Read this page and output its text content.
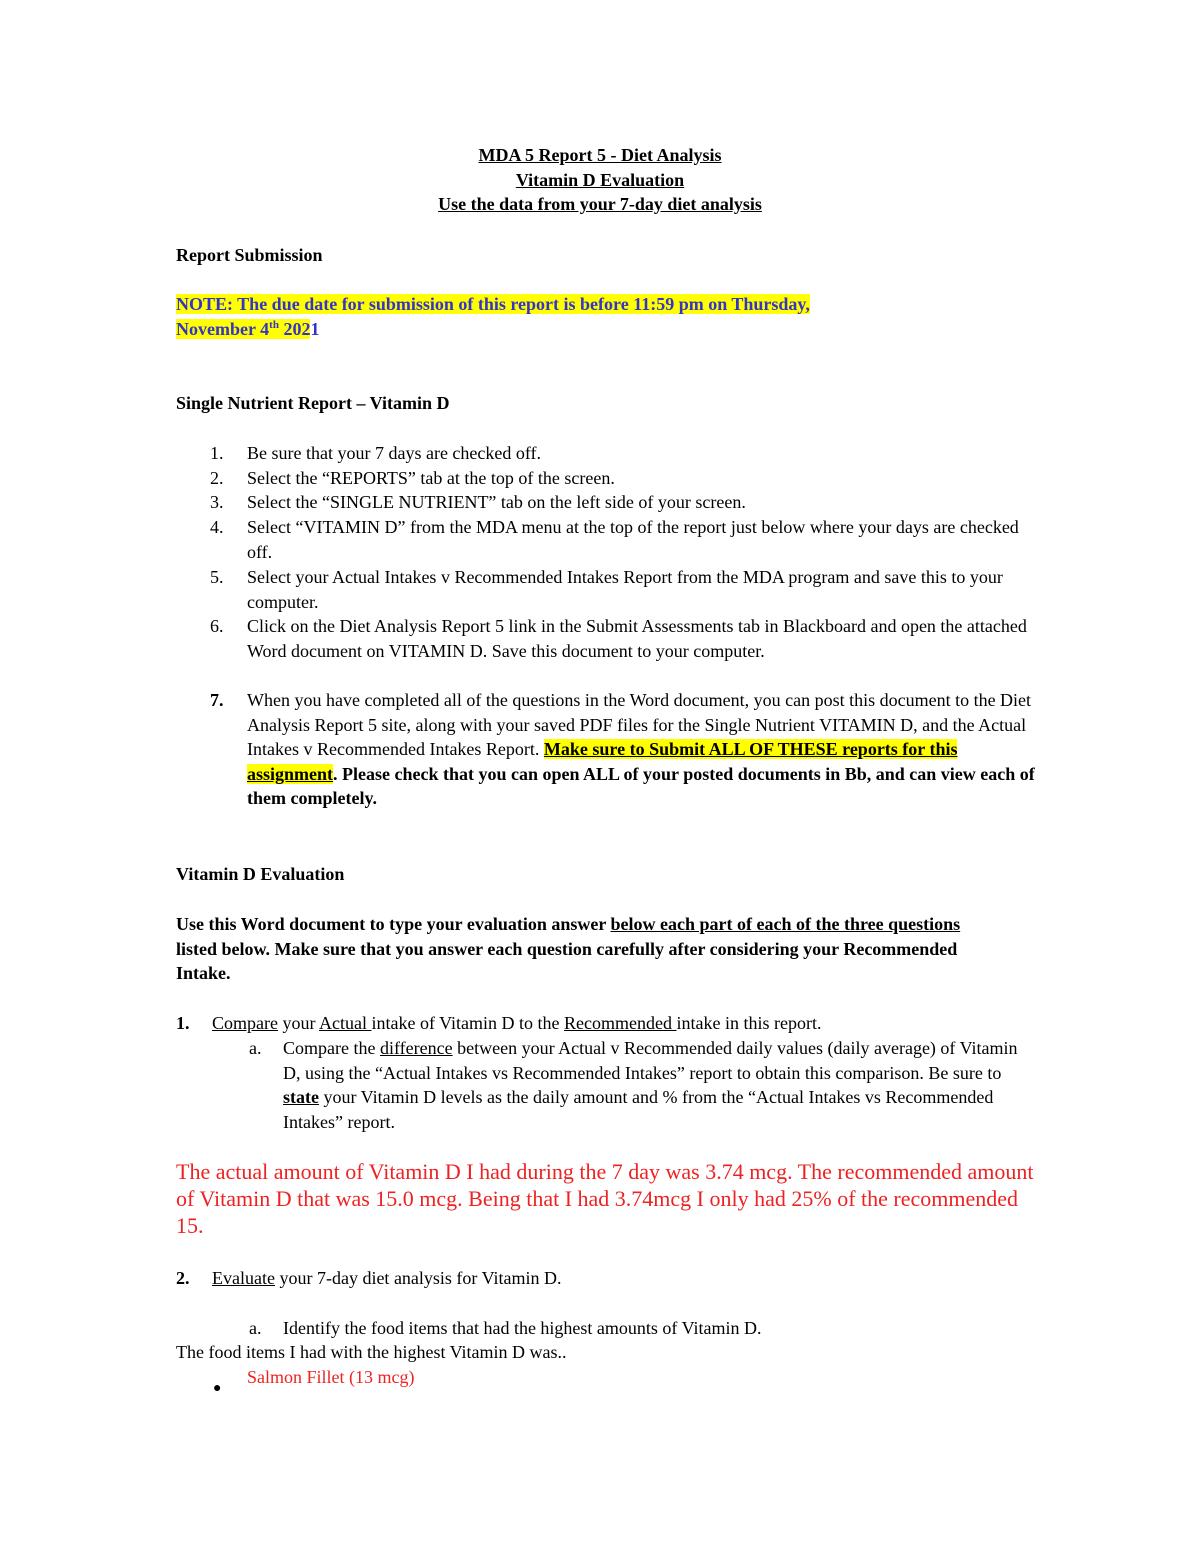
MDA 5 Report 5 - Diet Analysis
Vitamin D Evaluation
Use the data from your 7-day diet analysis
Report Submission
NOTE: The due date for submission of this report is before 11:59 pm on Thursday,
November 4th 2021
Single Nutrient Report – Vitamin D
1. Be sure that your 7 days are checked off.
2. Select the “REPORTS” tab at the top of the screen.
3. Select the “SINGLE NUTRIENT” tab on the left side of your screen.
4. Select “VITAMIN D” from the MDA menu at the top of the report just below where your days are checked off.
5. Select your Actual Intakes v Recommended Intakes Report from the MDA program and save this to your computer.
6. Click on the Diet Analysis Report 5 link in the Submit Assessments tab in Blackboard and open the attached Word document on VITAMIN D. Save this document to your computer.
7. When you have completed all of the questions in the Word document, you can post this document to the Diet Analysis Report 5 site, along with your saved PDF files for the Single Nutrient VITAMIN D, and the Actual Intakes v Recommended Intakes Report. Make sure to Submit ALL OF THESE reports for this assignment. Please check that you can open ALL of your posted documents in Bb, and can view each of them completely.
Vitamin D Evaluation
Use this Word document to type your evaluation answer below each part of each of the three questions listed below. Make sure that you answer each question carefully after considering your Recommended Intake.
1. Compare your Actual intake of Vitamin D to the Recommended intake in this report.
a. Compare the difference between your Actual v Recommended daily values (daily average) of Vitamin D, using the “Actual Intakes vs Recommended Intakes” report to obtain this comparison. Be sure to state your Vitamin D levels as the daily amount and % from the “Actual Intakes vs Recommended Intakes” report.
The actual amount of Vitamin D I had during the 7 day was 3.74 mcg. The recommended amount of Vitamin D that was 15.0 mcg. Being that I had 3.74mcg I only had 25% of the recommended 15.
2. Evaluate your 7-day diet analysis for Vitamin D.
a. Identify the food items that had the highest amounts of Vitamin D.
The food items I had with the highest Vitamin D was..
●
Salmon Fillet (13 mcg)
